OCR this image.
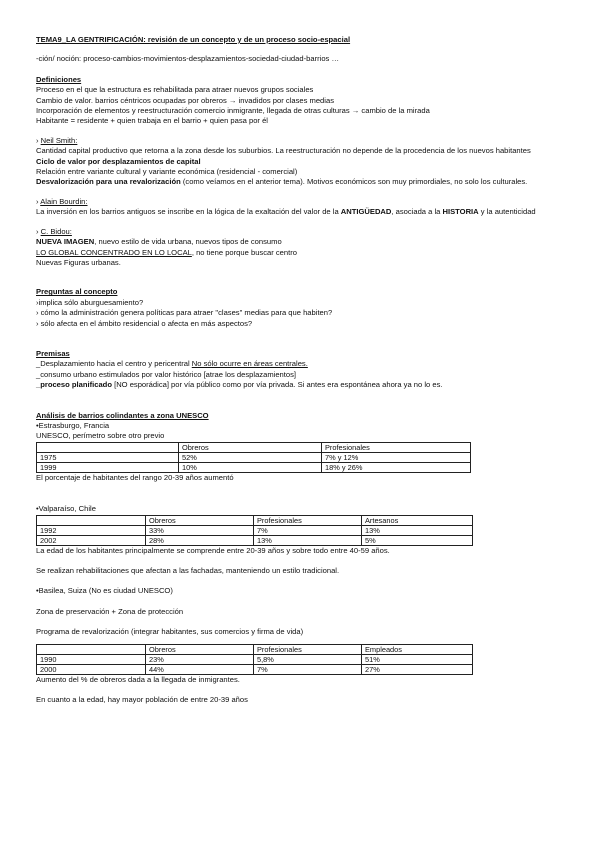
TEMA9_LA GENTRIFICACIÓN: revisión de un concepto y de un proceso socio-espacial

-ción/ noción: proceso-cambios-movimientos-desplazamientos-sociedad-ciudad-barrios …

Definiciones

Proceso en el que la estructura es rehabilitada para atraer nuevos grupos sociales

Cambio de valor. barrios céntricos ocupadas por obreros → invadidos por clases medias

Incorporación de elementos y reestructuración comercio inmigrante, llegada de otras culturas → cambio de la mirada

Habitante = residente + quien trabaja en el barrio + quien pasa por él

› Neil Smith:

Cantidad capital productivo que retorna a la zona desde los suburbios. La reestructuración no depende de la procedencia de los nuevos habitantes

Ciclo de valor por desplazamientos de capital

Relación entre variante cultural y variante económica (residencial - comercial)

Desvalorización para una revalorización (como veíamos en el anterior tema). Motivos económicos son muy primordiales, no solo los culturales.

› Alain Bourdin:

La inversión en los barrios antiguos se inscribe en la lógica de la exaltación del valor de la ANTIGÜEDAD, asociada a la HISTORIA y la autenticidad

› C. Bidou:

NUEVA IMAGEN, nuevo estilo de vida urbana, nuevos tipos de consumo

LO GLOBAL CONCENTRADO EN LO LOCAL, no tiene porque buscar centro

Nuevas Figuras urbanas.

Preguntas al concepto

›implica sólo aburguesamiento?

› cómo la administración genera políticas para atraer "clases" medias para que habiten?

› sólo afecta en el ámbito residencial o afecta en más aspectos?

Premisas

_Desplazamiento hacia el centro y pericentral No sólo ocurre en áreas centrales.

_consumo urbano estimulados por valor histórico [atrae los desplazamientos]

_proceso planificado [NO esporádica] por vía público como por vía privada. Si antes era espontánea ahora ya no lo es.

Análisis de barrios colindantes a zona UNESCO

•Estrasburgo, Francia

UNESCO, perímetro sobre otro previo

	Obreros	Profesionales
1975	52%	7% y 12%
1999	10%	18% y 26%

El porcentaje de habitantes del rango 20-39 años aumentó

•Valparaíso, Chile

	Obreros	Profesionales	Artesanos
1992	33%	7%	13%
2002	28%	13%	5%

La edad de los habitantes principalmente se comprende entre 20-39 años y sobre todo entre 40-59 años.

Se realizan rehabilitaciones que afectan a las fachadas, manteniendo un estilo tradicional.

•Basilea, Suiza (No es ciudad UNESCO)

Zona de preservación + Zona de protección

Programa de revalorización (integrar habitantes, sus comercios y firma de vida)

	Obreros	Profesionales	Empleados
1990	23%	5,8%	51%
2000	44%	7%	27%

Aumento del % de obreros dada a la llegada de inmigrantes.

En cuanto a la edad, hay mayor población de entre 20-39 años
